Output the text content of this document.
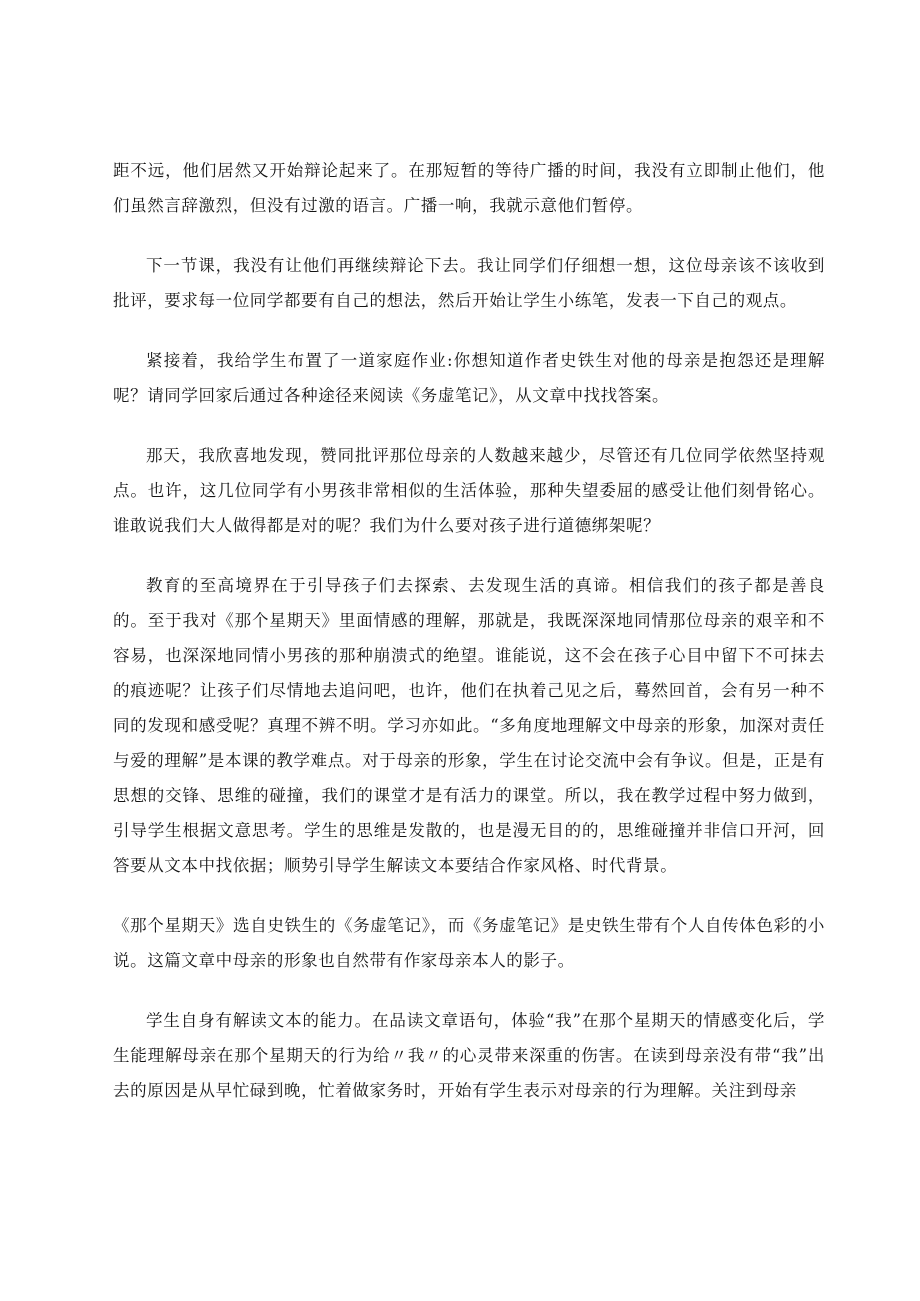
距不远，他们居然又开始辩论起来了。在那短暂的等待广播的时间，我没有立即制止他们，他们虽然言辞激烈，但没有过激的语言。广播一响，我就示意他们暂停。

下一节课，我没有让他们再继续辩论下去。我让同学们仔细想一想，这位母亲该不该收到批评，要求每一位同学都要有自己的想法，然后开始让学生小练笔，发表一下自己的观点。

紧接着，我给学生布置了一道家庭作业:你想知道作者史铁生对他的母亲是抱怨还是理解呢？请同学回家后通过各种途径来阅读《务虚笔记》，从文章中找找答案。

那天，我欣喜地发现，赞同批评那位母亲的人数越来越少，尽管还有几位同学依然坚持观点。也许，这几位同学有小男孩非常相似的生活体验，那种失望委屈的感受让他们刻骨铭心。谁敢说我们大人做得都是对的呢？我们为什么要对孩子进行道德绑架呢？

教育的至高境界在于引导孩子们去探索、去发现生活的真谛。相信我们的孩子都是善良的。至于我对《那个星期天》里面情感的理解，那就是，我既深深地同情那位母亲的艰辛和不容易，也深深地同情小男孩的那种崩溃式的绝望。谁能说，这不会在孩子心目中留下不可抹去的痕迹呢？让孩子们尽情地去追问吧，也许，他们在执着己见之后，蓦然回首，会有另一种不同的发现和感受呢？真理不辨不明。学习亦如此。“多角度地理解文中母亲的形象，加深对责任与爱的理解”是本课的教学难点。对于母亲的形象，学生在讨论交流中会有争议。但是，正是有思想的交锋、思维的碰撞，我们的课堂才是有活力的课堂。所以，我在教学过程中努力做到，引导学生根据文意思考。学生的思维是发散的，也是漫无目的的，思维碰撞并非信口开河，回答要从文本中找依据；顺势引导学生解读文本要结合作家风格、时代背景。

《那个星期天》选自史铁生的《务虚笔记》，而《务虚笔记》是史铁生带有个人自传体色彩的小说。这篇文章中母亲的形象也自然带有作家母亲本人的影子。

学生自身有解读文本的能力。在品读文章语句，体验“我”在那个星期天的情感变化后，学生能理解母亲在那个星期天的行为给〃我〃的心灵带来深重的伤害。在读到母亲没有带“我”出去的原因是从早忙碌到晚，忙着做家务时，开始有学生表示对母亲的行为理解。关注到母亲
